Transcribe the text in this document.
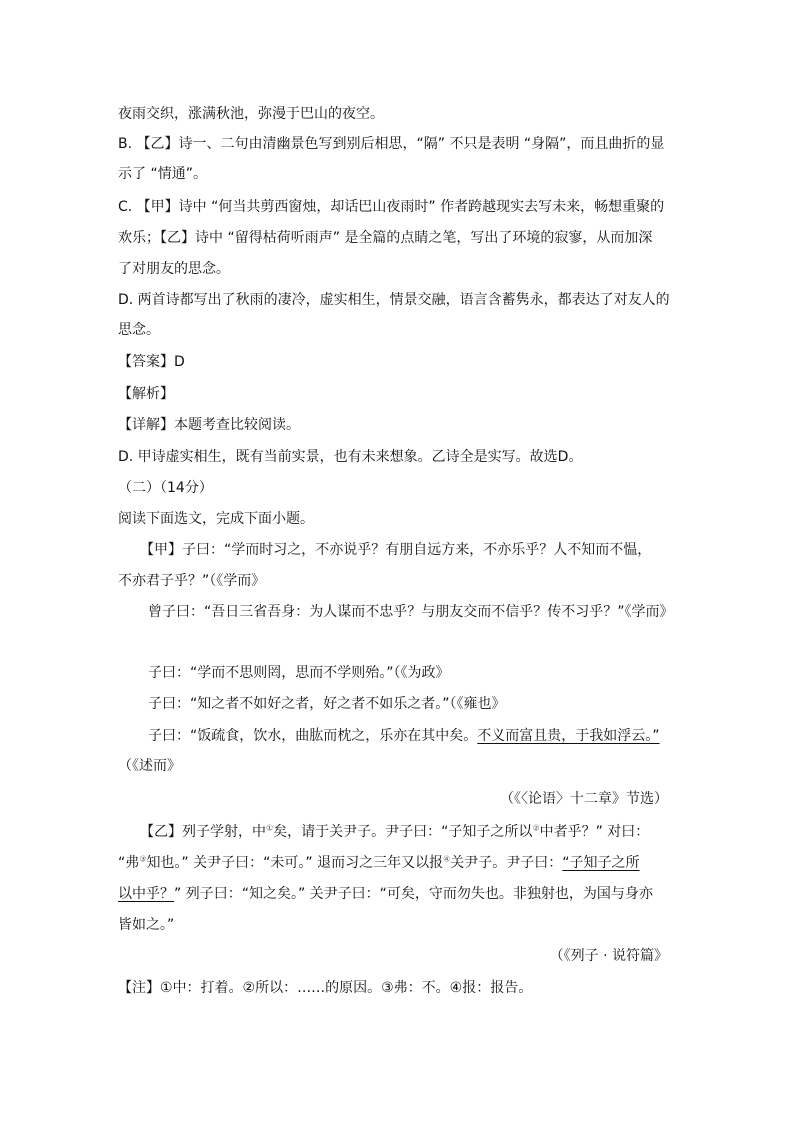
夜雨交织，涨满秋池，弥漫于巴山的夜空。
B. 【乙】诗一、二句由清幽景色写到别后相思，“隔” 不只是表明 “身隔”，而且曲折的显
示了 “情通”。
C. 【甲】诗中 “何当共剪西窗烛，却话巴山夜雨时” 作者跨越现实去写未来，畅想重聚的
欢乐；【乙】诗中 “留得枯荷听雨声” 是全篇的点睛之笔，写出了环境的寂寥，从而加深
了对朋友的思念。
D. 两首诗都写出了秋雨的凄冷，虚实相生，情景交融，语言含蓄隽永，都表达了对友人的
思念。
【答案】D
【解析】
【详解】本题考查比较阅读。
D. 甲诗虚实相生，既有当前实景，也有未来想象。乙诗全是实写。故选D。
（二）（14分）
阅读下面选文，完成下面小题。
【甲】子曰：“学而时习之，不亦说乎？有朋自远方来，不亦乐乎？人不知而不愠，
不亦君子乎？”（《学而》
曾子曰：“吾日三省吾身：为人谋而不忠乎？与朋友交而不信乎？传不习乎？”《学而》
子曰：“学而不思则罔，思而不学则殆。”（《为政》
子曰：“知之者不如好之者，好之者不如乐之者。”（《雍也》
子曰：“饭疏食，饮水，曲肱而枕之，乐亦在其中矣。不义而富且贵，于我如浮云。”
（《述而》
（《〈论语〉十二章》节选）
【乙】列子学射，中①矣，请于关尹子。尹子曰：“子知子之所以②中者乎？” 对曰：
“弗③知也。” 关尹子曰：“未可。” 退而习之三年又以报④关尹子。尹子曰：“子知子之所
以中乎？” 列子曰：“知之矣。” 关尹子曰：“可矣，守而勿失也。非独射也，为国与身亦
皆如之。”
（《列子 · 说符篇》
【注】①中：打着。②所以：……的原因。③弗：不。④报：报告。
